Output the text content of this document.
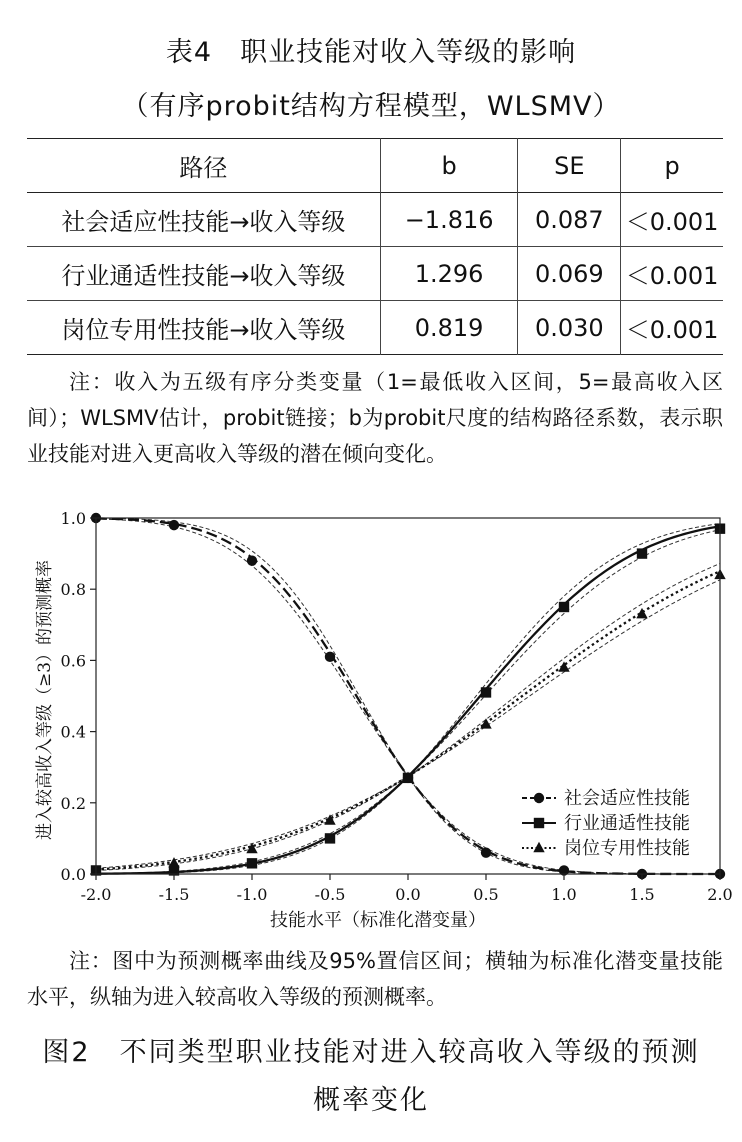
表4　职业技能对收入等级的影响
（有序probit结构方程模型，WLSMV）
路径	b	SE	p
社会适应性技能→收入等级	−1.816	0.087	＜0.001
行业通适性技能→收入等级	1.296	0.069	＜0.001
岗位专用性技能→收入等级	0.819	0.030	＜0.001
注：收入为五级有序分类变量（1=最低收入区间，5=最高收入区间）；WLSMV估计，probit链接；b为probit尺度的结构路径系数，表示职业技能对进入更高收入等级的潜在倾向变化。
-2.0	-1.5	-1.0	-0.5	0.0	0.5	1.0	1.5	2.0
0.0
0.2
0.4
0.6
0.8
1.0
技能水平（标准化潜变量）
进入较高收入等级（≥3）的预测概率	社会适应性技能
行业通适性技能
岗位专用性技能
注：图中为预测概率曲线及95%置信区间；横轴为标准化潜变量技能水平，纵轴为进入较高收入等级的预测概率。
图2　不同类型职业技能对进入较高收入等级的预测
概率变化
